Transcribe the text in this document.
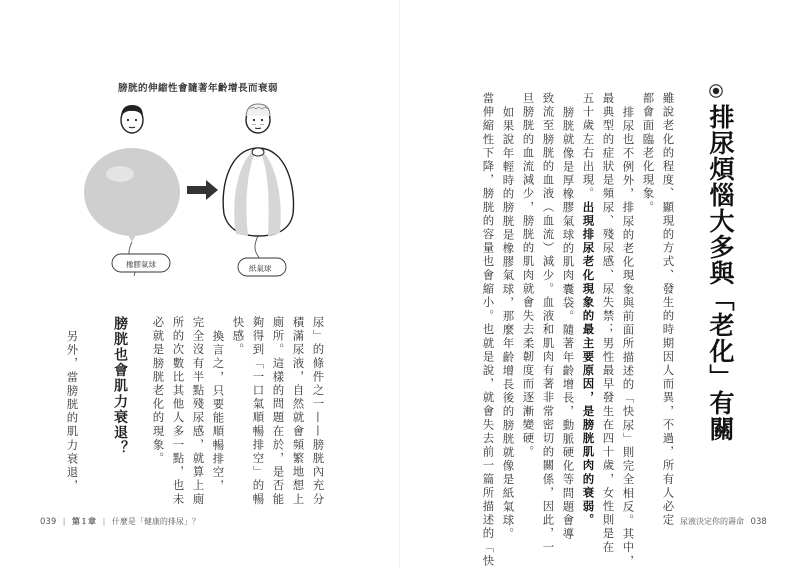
膀胱的伸縮性會隨著年齡增長而衰弱
橡膠氣球	紙氣球
尿」的條件之一——膀胱內充分
積滿尿液，自然就會頻繁地想上
廁所。這樣的問題在於，是否能
夠得到「一口氣順暢排空」的暢
快感。
換言之，只要能順暢排空，
完全沒有半點殘尿感，就算上廁
所的次數比其他人多一點，也未
必就是膀胱老化的現象。
膀胱也會肌力衰退？
另外，當膀胱的肌力衰退，
039 | 第１章 | 什麼是「健康的排尿」？
排尿煩惱大多與「老化」有關
雖說老化的程度、顯現的方式、發生的時期因人而異，不過，所有人必定
都會面臨老化現象。
排尿也不例外，排尿的老化現象與前面所描述的「快尿」則完全相反。其中，
最典型的症狀是頻尿、殘尿感、尿失禁；男性最早發生在四十歲，女性則是在
五十歲左右出現。出現排尿老化現象的最主要原因，是膀胱肌肉的衰弱。
膀胱就像是厚橡膠氣球的肌肉囊袋。隨著年齡增長，動脈硬化等問題會導
致流至膀胱的血液（血流）減少。血液和肌肉有著非常密切的關係，因此，一
旦膀胱的血流減少，膀胱的肌肉就會失去柔韌度而逐漸變硬。
如果說年輕時的膀胱是橡膠氣球，那麼年齡增長後的膀胱就像是紙氣球。
當伸縮性下降，膀胱的容量也會縮小。也就是說，就會失去前一篇所描述的「快	尿液決定你的壽命 038
